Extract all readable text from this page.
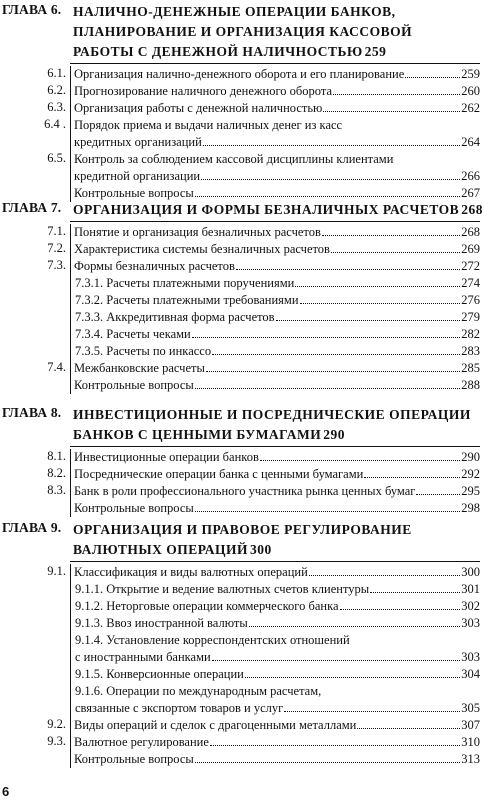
ГЛАВА 6. НАЛИЧНО-ДЕНЕЖНЫЕ ОПЕРАЦИИ БАНКОВ,
ПЛАНИРОВАНИЕ И ОРГАНИЗАЦИЯ КАССОВОЙ
РАБОТЫ С ДЕНЕЖНОЙ НАЛИЧНОСТЬЮ 259
6.1. Организация налично-денежного оборота и его планирование	259
6.2. Прогнозирование наличного денежного оборота	260
6.3. Организация работы с денежной наличностью	262
6.4 . Порядок приема и выдачи наличных денег из касс
кредитных организаций	264
6.5. Контроль за соблюдением кассовой дисциплины клиентами
кредитной организации	266
Контрольные вопросы	267
ГЛАВА 7. ОРГАНИЗАЦИЯ И ФОРМЫ БЕЗНАЛИЧНЫХ РАСЧЕТОВ 268
7.1. Понятие и организация безналичных расчетов	268
7.2. Характеристика системы безналичных расчетов	269
7.3. Формы безналичных расчетов	272
7.3.1. Расчеты платежными поручениями	274
7.3.2. Расчеты платежными требованиями	276
7.3.3. Аккредитивная форма расчетов	279
7.3.4. Расчеты чеками	282
7.3.5. Расчеты по инкассо	283
7.4. Межбанковские расчеты	285
Контрольные вопросы	288
ГЛАВА 8. ИНВЕСТИЦИОННЫЕ И ПОСРЕДНИЧЕСКИЕ ОПЕРАЦИИ
БАНКОВ С ЦЕННЫМИ БУМАГАМИ 290
8.1. Инвестиционные операции банков	290
8.2. Посреднические операции банка с ценными бумагами	292
8.3. Банк в роли профессионального участника рынка ценных бумаг	295
Контрольные вопросы	298
ГЛАВА 9. ОРГАНИЗАЦИЯ И ПРАВОВОЕ РЕГУЛИРОВАНИЕ
ВАЛЮТНЫХ ОПЕРАЦИЙ 300
9.1. Классификация и виды валютных операций	300
9.1.1. Открытие и ведение валютных счетов клиентуры	301
9.1.2. Неторговые операции коммерческого банка	302
9.1.3. Ввоз иностранной валюты	303
9.1.4. Установление корреспондентских отношений
с иностранными банками	303
9.1.5. Конверсионные операции	304
9.1.6. Операции по международным расчетам,
связанные с экспортом товаров и услуг	305
9.2. Виды операций и сделок с драгоценными металлами	307
9.3. Валютное регулирование	310
Контрольные вопросы	313
6
